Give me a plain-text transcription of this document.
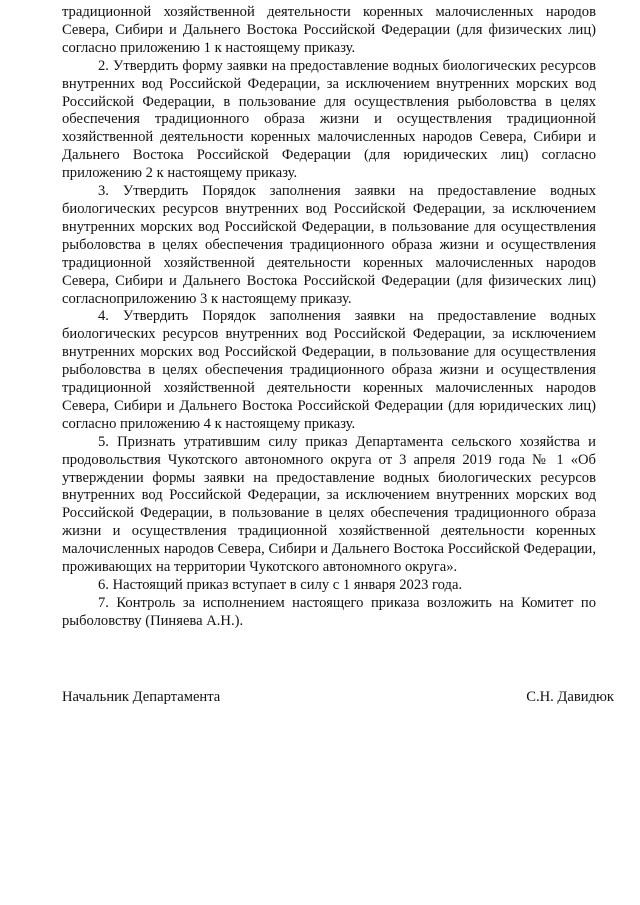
традиционной хозяйственной деятельности коренных малочисленных народов Севера, Сибири и Дальнего Востока Российской Федерации (для физических лиц) согласно приложению 1 к настоящему приказу.

2. Утвердить форму заявки на предоставление водных биологических ресурсов внутренних вод Российской Федерации, за исключением внутренних морских вод Российской Федерации, в пользование для осуществления рыболовства в целях обеспечения традиционного образа жизни и осуществления традиционной хозяйственной деятельности коренных малочисленных народов Севера, Сибири и Дальнего Востока Российской Федерации (для юридических лиц) согласно приложению 2 к настоящему приказу.

3. Утвердить Порядок заполнения заявки на предоставление водных биологических ресурсов внутренних вод Российской Федерации, за исключением внутренних морских вод Российской Федерации, в пользование для осуществления рыболовства в целях обеспечения традиционного образа жизни и осуществления традиционной хозяйственной деятельности коренных малочисленных народов Севера, Сибири и Дальнего Востока Российской Федерации (для физических лиц) согласноприложению 3 к настоящему приказу.

4. Утвердить Порядок заполнения заявки на предоставление водных биологических ресурсов внутренних вод Российской Федерации, за исключением внутренних морских вод Российской Федерации, в пользование для осуществления рыболовства в целях обеспечения традиционного образа жизни и осуществления традиционной хозяйственной деятельности коренных малочисленных народов Севера, Сибири и Дальнего Востока Российской Федерации (для юридических лиц) согласно приложению 4 к настоящему приказу.

5. Признать утратившим силу приказ Департамента сельского хозяйства и продовольствия Чукотского автономного округа от 3 апреля 2019 года № 1 «Об утверждении формы заявки на предоставление водных биологических ресурсов внутренних вод Российской Федерации, за исключением внутренних морских вод Российской Федерации, в пользование в целях обеспечения традиционного образа жизни и осуществления традиционной хозяйственной деятельности коренных малочисленных народов Севера, Сибири и Дальнего Востока Российской Федерации, проживающих на территории Чукотского автономного округа».

6. Настоящий приказ вступает в силу с 1 января 2023 года.

7. Контроль за исполнением настоящего приказа возложить на Комитет по рыболовству (Пиняева А.Н.).

Начальник Департамента	С.Н. Давидюк
